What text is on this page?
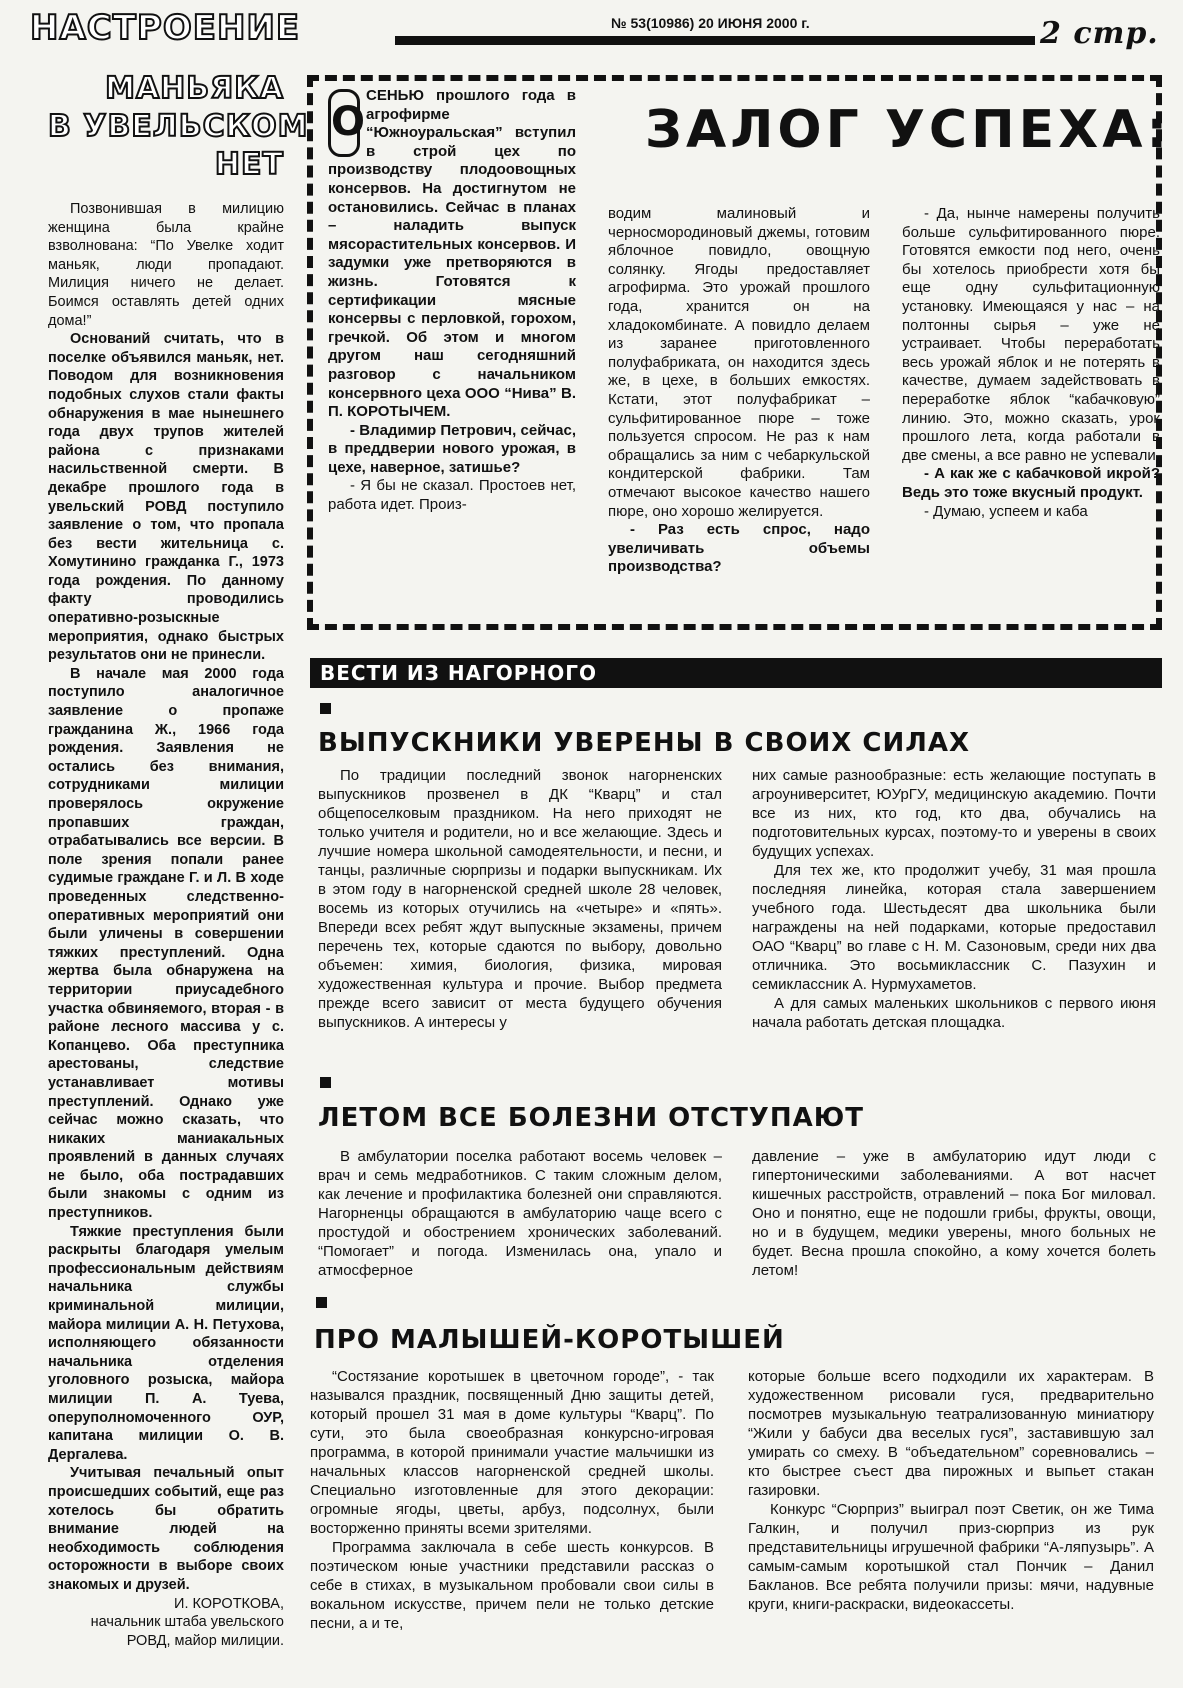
НАСТРОЕНИЕ	№ 53(10986) 20 ИЮНЯ 2000 г.	2 стр.
МАНЬЯКА
В УВЕЛЬСКОМ
НЕТ

Позвонившая в милицию женщина была крайне взволнована: “По Увелке ходит маньяк, люди пропадают. Милиция ничего не делает. Боимся оставлять детей одних дома!”

Оснований считать, что в поселке объявился маньяк, нет. Поводом для возникновения подобных слухов стали факты обнаружения в мае нынешнего года двух трупов жителей района с признаками насильственной смерти. В декабре прошлого года в увельский РОВД поступило заявление о том, что пропала без вести жительница с. Хомутинино гражданка Г., 1973 года рождения. По данному факту проводились оперативно-розыскные мероприятия, однако быстрых результатов они не принесли.

В начале мая 2000 года поступило аналогичное заявление о пропаже гражданина Ж., 1966 года рождения. Заявления не остались без внимания, сотрудниками милиции проверялось окружение пропавших граждан, отрабатывались все версии. В поле зрения попали ранее судимые граждане Г. и Л. В ходе проведенных следственно-оперативных мероприятий они были уличены в совершении тяжких преступлений. Одна жертва была обнаружена на территории приусадебного участка обвиняемого, вторая - в районе лесного массива у с. Копанцево. Оба преступника арестованы, следствие устанавливает мотивы преступлений. Однако уже сейчас можно сказать, что никаких маниакальных проявлений в данных случаях не было, оба пострадавших были знакомы с одним из преступников.

Тяжкие преступления были раскрыты благодаря умелым профессиональным действиям начальника службы криминальной милиции, майора милиции А. Н. Петухова, исполняющего обязанности начальника отделения уголовного розыска, майора милиции П. А. Туева, оперуполномоченного ОУР, капитана милиции О. В. Дергалева.

Учитывая печальный опыт происшедших событий, еще раз хотелось бы обратить внимание людей на необходимость соблюдения осторожности в выборе своих знакомых и друзей.

И. КОРОТКОВА,

начальник штаба увельского РОВД, майор милиции.

ЗАЛОГ УСПЕХА:
О

СЕНЬЮ прошлого года в агрофирме “Южноуральская” вступил в строй цех по производству плодоовощных консервов. На достигнутом не остановились. Сейчас в планах – наладить выпуск мясорастительных консервов. И задумки уже претворяются в жизнь. Готовятся к сертификации мясные консервы с перловкой, горохом, гречкой. Об этом и многом другом наш сегодняшний разговор с начальником консервного цеха ООО “Нива” В. П. КОРОТЫЧЕМ.

- Владимир Петрович, сейчас, в преддверии нового урожая, в цехе, наверное, затишье?

- Я бы не сказал. Простоев нет, работа идет. Произ-

водим малиновый и черносмородиновый джемы, готовим яблочное повидло, овощную солянку. Ягоды предоставляет агрофирма. Это урожай прошлого года, хранится он на хладокомбинате. А повидло делаем из заранее приготовленного полуфабриката, он находится здесь же, в цехе, в больших емкостях. Кстати, этот полуфабрикат – сульфитированное пюре – тоже пользуется спросом. Не раз к нам обращались за ним с чебаркульской кондитерской фабрики. Там отмечают высокое качество нашего пюре, оно хорошо желируется.

- Раз есть спрос, надо увеличивать объемы производства?

- Да, нынче намерены получить больше сульфитированного пюре. Готовятся емкости под него, очень бы хотелось приобрести хотя бы еще одну сульфитационную установку. Имеющаяся у нас – на полтонны сырья – уже не устраивает. Чтобы переработать весь урожай яблок и не потерять в качестве, думаем задействовать в переработке яблок “кабачковую” линию. Это, можно сказать, урок прошлого лета, когда работали в две смены, а все равно не успевали.

- А как же с кабачковой икрой? Ведь это тоже вкусный продукт.

- Думаю, успеем и каба

ВЕСТИ ИЗ НАГОРНОГО
ВЫПУСКНИКИ УВЕРЕНЫ В СВОИХ СИЛАХ

По традиции последний звонок нагорненских выпускников прозвенел в ДК “Кварц” и стал общепоселковым праздником. На него приходят не только учителя и родители, но и все желающие. Здесь и лучшие номера школьной самодеятельности, и песни, и танцы, различные сюрпризы и подарки выпускникам. Их в этом году в нагорненской средней школе 28 человек, восемь из которых отучились на «четыре» и «пять». Впереди всех ребят ждут выпускные экзамены, причем перечень тех, которые сдаются по выбору, довольно объемен: химия, биология, физика, мировая художественная культура и прочие. Выбор предмета прежде всего зависит от места будущего обучения выпускников. А интересы у

них самые разнообразные: есть желающие поступать в агроуниверситет, ЮУрГУ, медицинскую академию. Почти все из них, кто год, кто два, обучались на подготовительных курсах, поэтому-то и уверены в своих будущих успехах.

Для тех же, кто продолжит учебу, 31 мая прошла последняя линейка, которая стала завершением учебного года. Шестьдесят два школьника были награждены на ней подарками, которые предоставил ОАО “Кварц” во главе с Н. М. Сазоновым, среди них два отличника. Это восьмиклассник С. Пазухин и семиклассник А. Нурмухаметов.

А для самых маленьких школьников с первого июня начала работать детская площадка.

ЛЕТОМ ВСЕ БОЛЕЗНИ ОТСТУПАЮТ

В амбулатории поселка работают восемь человек – врач и семь медработников. С таким сложным делом, как лечение и профилактика болезней они справляются. Нагорненцы обращаются в амбулаторию чаще всего с простудой и обострением хронических заболеваний. “Помогает” и погода. Изменилась она, упало и атмосферное

давление – уже в амбулаторию идут люди с гипертоническими заболеваниями. А вот насчет кишечных расстройств, отравлений – пока Бог миловал. Оно и понятно, еще не подошли грибы, фрукты, овощи, но и в будущем, медики уверены, много больных не будет. Весна прошла спокойно, а кому хочется болеть летом!

ПРО МАЛЫШЕЙ-КОРОТЫШЕЙ

“Состязание коротышек в цветочном городе”, - так назывался праздник, посвященный Дню защиты детей, который прошел 31 мая в доме культуры “Кварц”. По сути, это была своеобразная конкурсно-игровая программа, в которой принимали участие мальчишки из начальных классов нагорненской средней школы. Специально изготовленные для этого декорации: огромные ягоды, цветы, арбуз, подсолнух, были восторженно приняты всеми зрителями.

Программа заключала в себе шесть конкурсов. В поэтическом юные участники представили рассказ о себе в стихах, в музыкальном пробовали свои силы в вокальном искусстве, причем пели не только детские песни, а и те,

которые больше всего подходили их характерам. В художественном рисовали гуся, предварительно посмотрев музыкальную театрализованную миниатюру “Жили у бабуси два веселых гуся”, заставившую зал умирать со смеху. В “объедательном” соревновались – кто быстрее съест два пирожных и выпьет стакан газировки.

Конкурс “Сюрприз” выиграл поэт Светик, он же Тима Галкин, и получил приз-сюрприз из рук представительницы игрушечной фабрики “А-ляпузырь”. А самым-самым коротышкой стал Пончик – Данил Бакланов. Все ребята получили призы: мячи, надувные круги, книги-раскраски, видеокассеты.
